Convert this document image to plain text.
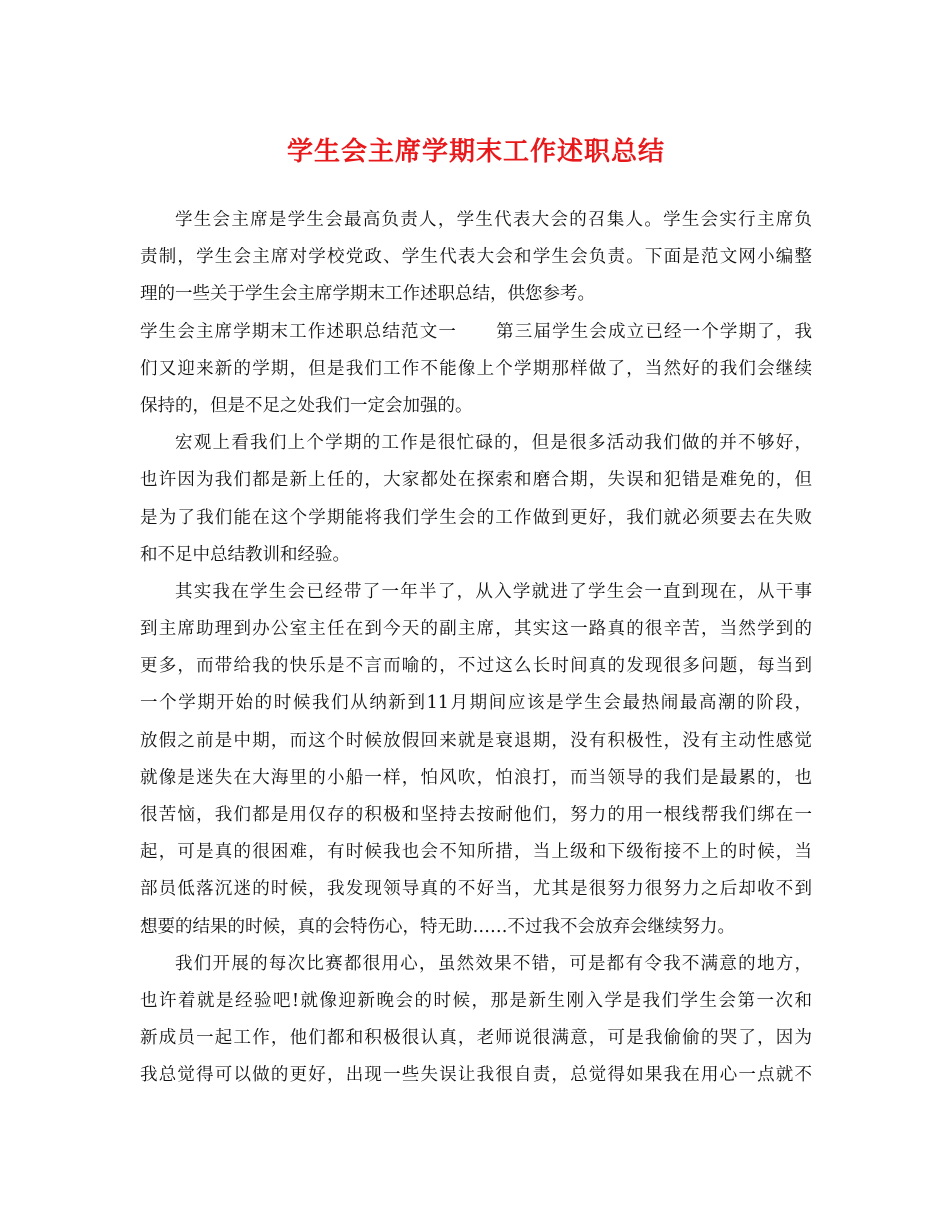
学生会主席学期末工作述职总结
学生会主席是学生会最高负责人，学生代表大会的召集人。学生会实行主席负
责制，学生会主席对学校党政、学生代表大会和学生会负责。下面是范文网小编整
理的一些关于学生会主席学期末工作述职总结，供您参考。
学生会主席学期末工作述职总结范文一 第三届学生会成立已经一个学期了，我
们又迎来新的学期，但是我们工作不能像上个学期那样做了，当然好的我们会继续
保持的，但是不足之处我们一定会加强的。
宏观上看我们上个学期的工作是很忙碌的，但是很多活动我们做的并不够好，
也许因为我们都是新上任的，大家都处在探索和磨合期，失误和犯错是难免的，但
是为了我们能在这个学期能将我们学生会的工作做到更好，我们就必须要去在失败
和不足中总结教训和经验。
其实我在学生会已经带了一年半了，从入学就进了学生会一直到现在，从干事
到主席助理到办公室主任在到今天的副主席，其实这一路真的很辛苦，当然学到的
更多，而带给我的快乐是不言而喻的，不过这么长时间真的发现很多问题，每当到
一个学期开始的时候我们从纳新到11月期间应该是学生会最热闹最高潮的阶段，
放假之前是中期，而这个时候放假回来就是衰退期，没有积极性，没有主动性感觉
就像是迷失在大海里的小船一样，怕风吹，怕浪打，而当领导的我们是最累的，也
很苦恼，我们都是用仅存的积极和坚持去按耐他们，努力的用一根线帮我们绑在一
起，可是真的很困难，有时候我也会不知所措，当上级和下级衔接不上的时候，当
部员低落沉迷的时候，我发现领导真的不好当，尤其是很努力很努力之后却收不到
想要的结果的时候，真的会特伤心，特无助……不过我不会放弃会继续努力。
我们开展的每次比赛都很用心，虽然效果不错，可是都有令我不满意的地方，
也许着就是经验吧!就像迎新晚会的时候，那是新生刚入学是我们学生会第一次和
新成员一起工作，他们都和积极很认真，老师说很满意，可是我偷偷的哭了，因为
我总觉得可以做的更好，出现一些失误让我很自责，总觉得如果我在用心一点就不
